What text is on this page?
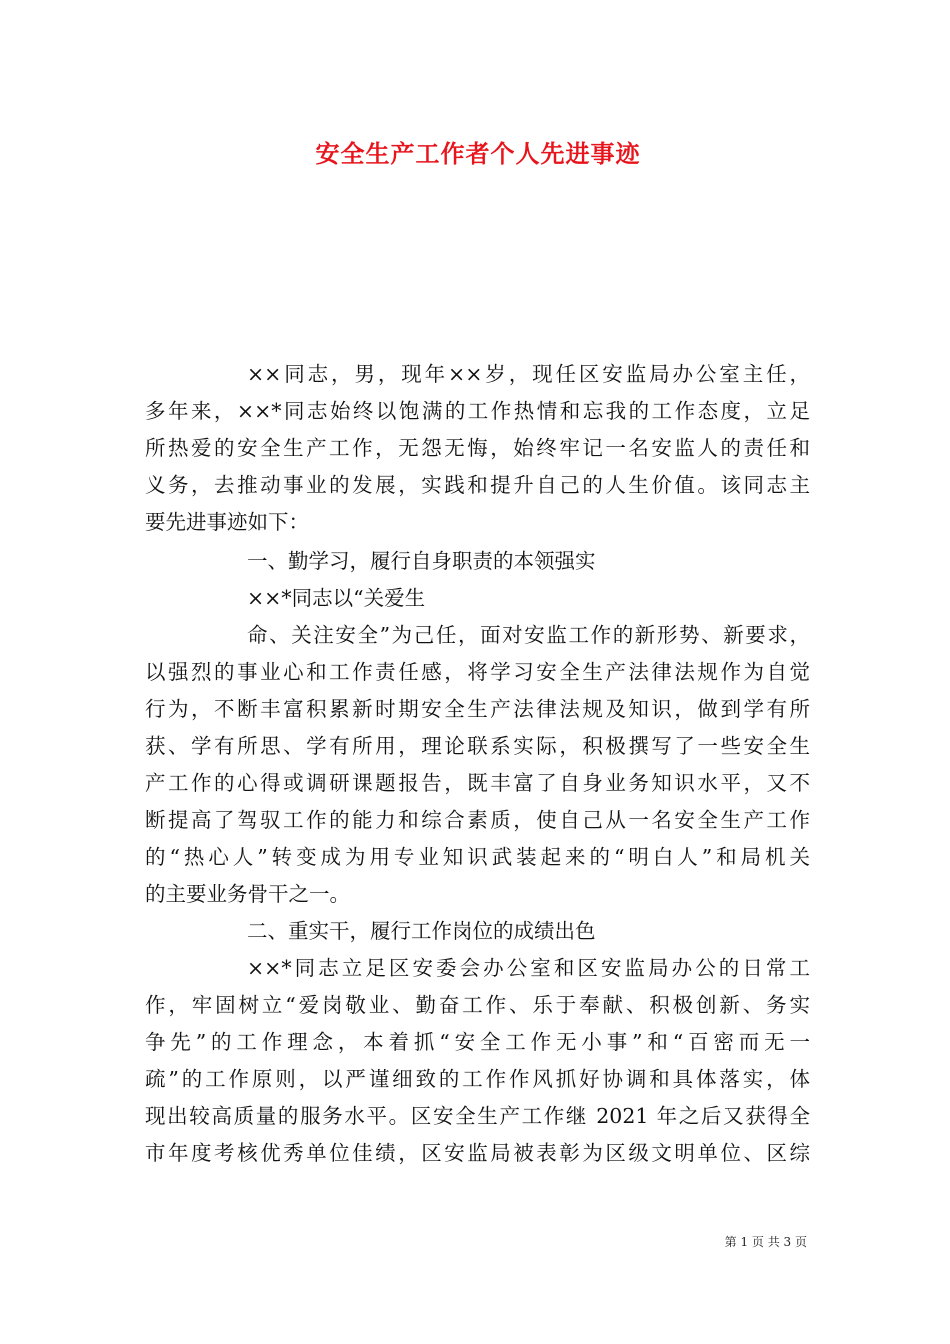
安全生产工作者个人先进事迹

××同志，男，现年××岁，现任区安监局办公室主任，

多年来，××*同志始终以饱满的工作热情和忘我的工作态度，立足

所热爱的安全生产工作，无怨无悔，始终牢记一名安监人的责任和

义务，去推动事业的发展，实践和提升自己的人生价值。该同志主

要先进事迹如下：

一、勤学习，履行自身职责的本领强实

××*同志以“关爱生

命、关注安全”为己任，面对安监工作的新形势、新要求，

以强烈的事业心和工作责任感，将学习安全生产法律法规作为自觉

行为，不断丰富积累新时期安全生产法律法规及知识，做到学有所

获、学有所思、学有所用，理论联系实际，积极撰写了一些安全生

产工作的心得或调研课题报告，既丰富了自身业务知识水平，又不

断提高了驾驭工作的能力和综合素质，使自己从一名安全生产工作

的“热心人”转变成为用专业知识武装起来的“明白人”和局机关

的主要业务骨干之一。

二、重实干，履行工作岗位的成绩出色

××*同志立足区安委会办公室和区安监局办公的日常工

作，牢固树立“爱岗敬业、勤奋工作、乐于奉献、积极创新、务实

争先”的工作理念，本着抓“安全工作无小事”和“百密而无一

疏”的工作原则，以严谨细致的工作作风抓好协调和具体落实，体

现出较高质量的服务水平。区安全生产工作继 2021 年之后又获得全

市年度考核优秀单位佳绩，区安监局被表彰为区级文明单位、区综

第 1 页 共 3 页
